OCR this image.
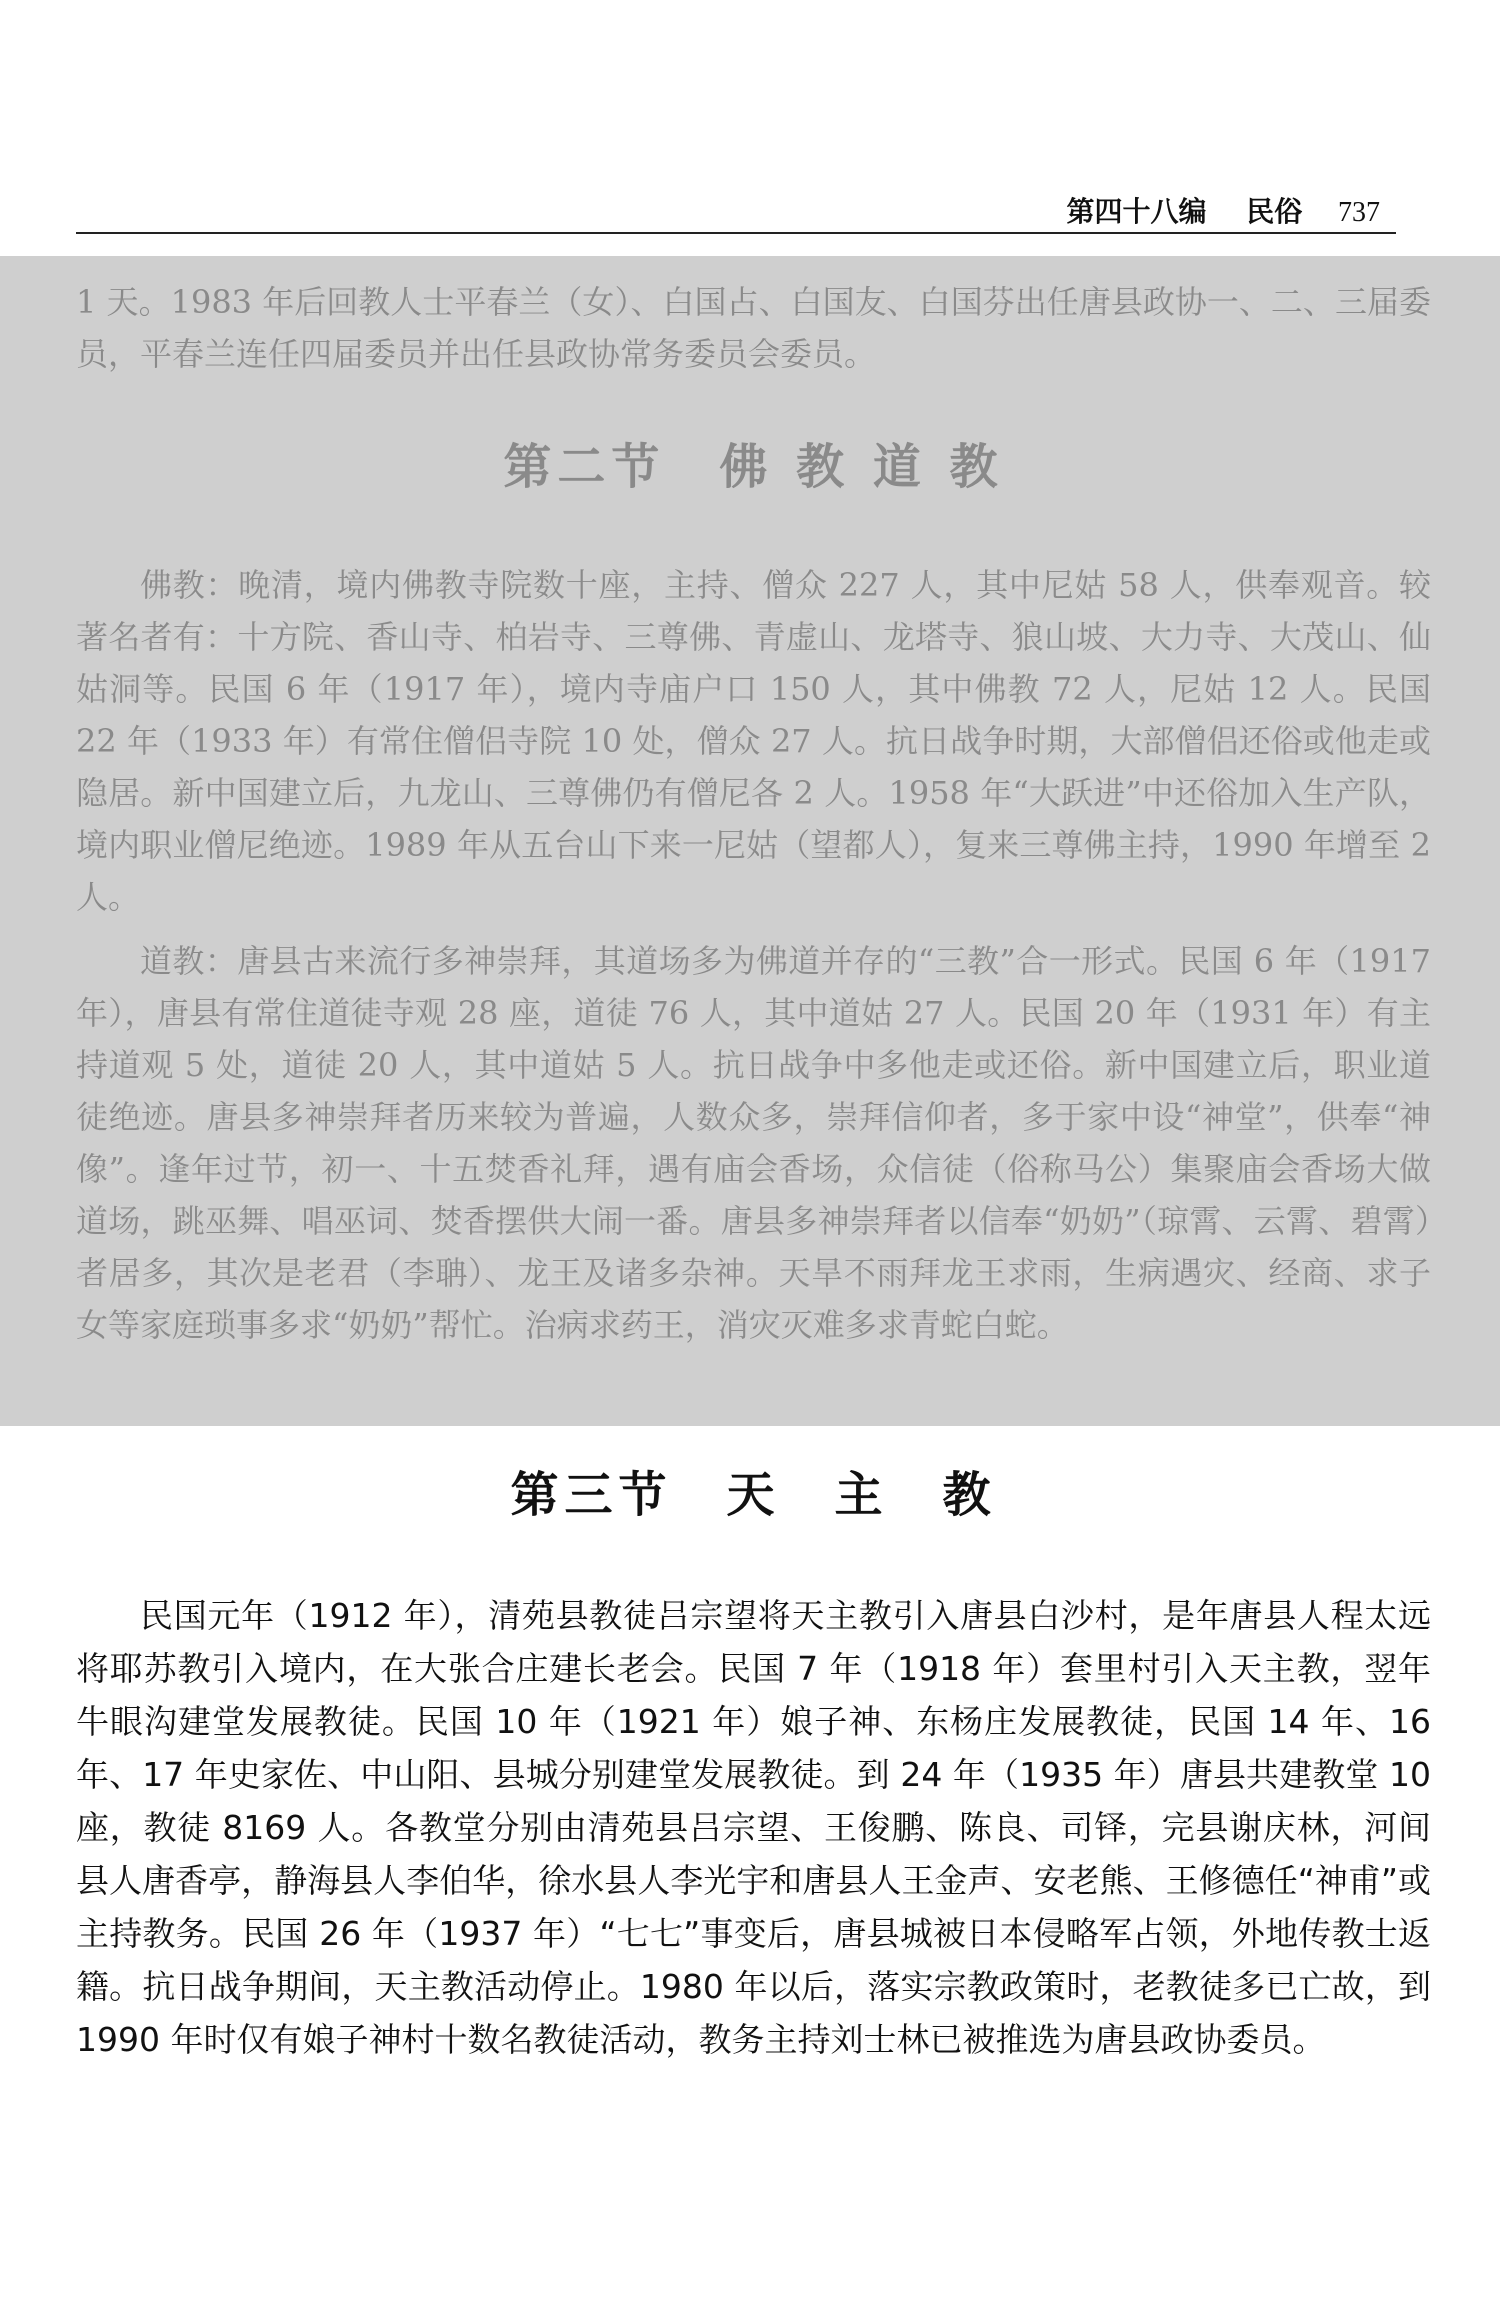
第四十八编 民俗 737

1 天。1983 年后回教人士平春兰（女）、白国占、白国友、白国芬出任唐县政协一、二、三届委员，平春兰连任四届委员并出任县政协常务委员会委员。

第二节　佛 教 道 教

佛教：晚清，境内佛教寺院数十座，主持、僧众 227 人，其中尼姑 58 人，供奉观音。较著名者有：十方院、香山寺、柏岩寺、三尊佛、青虚山、龙塔寺、狼山坡、大力寺、大茂山、仙姑洞等。民国 6 年（1917 年），境内寺庙户口 150 人，其中佛教 72 人，尼姑 12 人。民国 22 年（1933 年）有常住僧侣寺院 10 处，僧众 27 人。抗日战争时期，大部僧侣还俗或他走或隐居。新中国建立后，九龙山、三尊佛仍有僧尼各 2 人。1958 年“大跃进”中还俗加入生产队，境内职业僧尼绝迹。1989 年从五台山下来一尼姑（望都人），复来三尊佛主持，1990 年增至 2 人。

道教：唐县古来流行多神崇拜，其道场多为佛道并存的“三教”合一形式。民国 6 年（1917 年），唐县有常住道徒寺观 28 座，道徒 76 人，其中道姑 27 人。民国 20 年（1931 年）有主持道观 5 处，道徒 20 人，其中道姑 5 人。抗日战争中多他走或还俗。新中国建立后，职业道徒绝迹。唐县多神崇拜者历来较为普遍，人数众多，崇拜信仰者，多于家中设“神堂”，供奉“神像”。逢年过节，初一、十五焚香礼拜，遇有庙会香场，众信徒（俗称马公）集聚庙会香场大做道场，跳巫舞、唱巫词、焚香摆供大闹一番。唐县多神崇拜者以信奉“奶奶”（琼霄、云霄、碧霄）者居多，其次是老君（李聃）、龙王及诸多杂神。天旱不雨拜龙王求雨，生病遇灾、经商、求子女等家庭琐事多求“奶奶”帮忙。治病求药王，消灾灭难多求青蛇白蛇。

第三节　天　主　教

民国元年（1912 年），清苑县教徒吕宗望将天主教引入唐县白沙村，是年唐县人程太远将耶苏教引入境内，在大张合庄建长老会。民国 7 年（1918 年）套里村引入天主教，翌年牛眼沟建堂发展教徒。民国 10 年（1921 年）娘子神、东杨庄发展教徒，民国 14 年、16 年、17 年史家佐、中山阳、县城分别建堂发展教徒。到 24 年（1935 年）唐县共建教堂 10 座，教徒 8169 人。各教堂分别由清苑县吕宗望、王俊鹏、陈良、司铎，完县谢庆林，河间县人唐香亭，静海县人李伯华，徐水县人李光宇和唐县人王金声、安老熊、王修德任“神甫”或主持教务。民国 26 年（1937 年）“七七”事变后，唐县城被日本侵略军占领，外地传教士返籍。抗日战争期间，天主教活动停止。1980 年以后，落实宗教政策时，老教徒多已亡故，到 1990 年时仅有娘子神村十数名教徒活动，教务主持刘士林已被推选为唐县政协委员。
